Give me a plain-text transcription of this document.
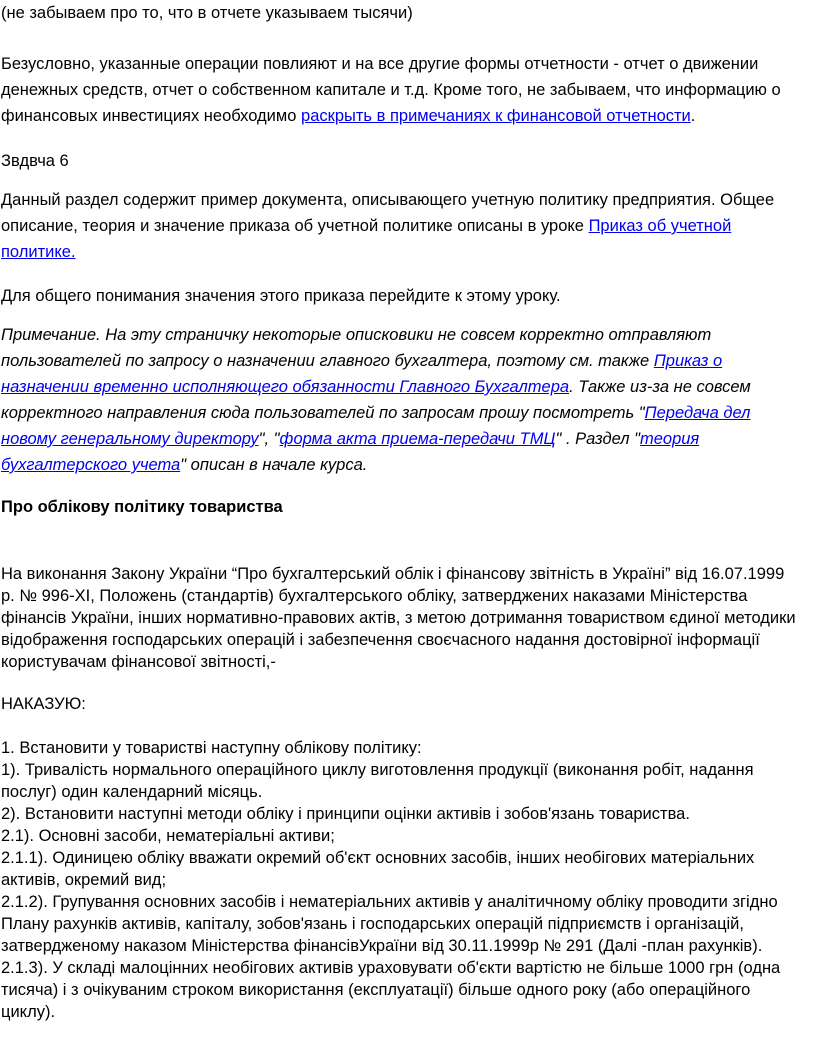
(не забываем про то, что в отчете указываем тысячи)

Безусловно, указанные операции повлияют и на все другие формы отчетности - отчет о движении денежных средств, отчет о собственном капитале и т.д. Кроме того, не забываем, что информацию о финансовых инвестициях необходимо раскрыть в примечаниях к финансовой отчетности.

Звдвча 6

Данный раздел содержит пример документа, описывающего учетную политику предприятия. Общее описание, теория и значение приказа об учетной политике описаны в уроке Приказ об учетной политике.

Для общего понимания значения этого приказа перейдите к этому уроку.

Примечание. На эту страничку некоторые описковики не совсем корректно отправляют пользователей по запросу о назначении главного бухгалтера, поэтому см. также Приказ о назначении временно исполняющего обязанности Главного Бухгалтера. Также из-за не совсем корректного направления сюда пользователей по запросам прошу посмотреть "Передача дел новому генеральному директору", "форма акта приема-передачи ТМЦ" . Раздел "теория бухгалтерского учета" описан в начале курса.

Про облікову політику товариства

На виконання Закону України “Про бухгалтерський облік і фінансову звітність в Україні” від 16.07.1999 р. № 996-XI, Положень (стандартів) бухгалтерського обліку, затверджених наказами Міністерства фінансів України, інших нормативно-правових актів, з метою дотримання товариством єдиної методики відображення господарських операцій і забезпечення своєчасного надання достовірної інформації користувачам фінансової звітності,-

НАКАЗУЮ:

1. Встановити у товаристві наступну облікову політику:
1). Тривалість нормального операційного циклу виготовлення продукції (виконання робіт, надання послуг) один календарний місяць.
2). Встановити наступні методи обліку і принципи оцінки активів і зобов'язань товариства.
2.1). Основні засоби, нематеріальні активи;
2.1.1). Одиницею обліку вважати окремий об'єкт основних засобів, інших необігових матеріальних активів, окремий вид;
2.1.2). Групування основних засобів і нематеріальних активів у аналітичному обліку проводити згідно Плану рахунків активів, капіталу, зобов'язань і господарських операцій підприємств і організацій, затвердженому наказом Міністерства фінансівУкраїни від 30.11.1999р № 291 (Далі -план рахунків).
2.1.3). У складі малоцінних необігових активів ураховувати об'єкти вартістю не більше 1000 грн (одна тисяча) і з очікуваним строком використання (експлуатації) більше одного року (або операційного циклу).
